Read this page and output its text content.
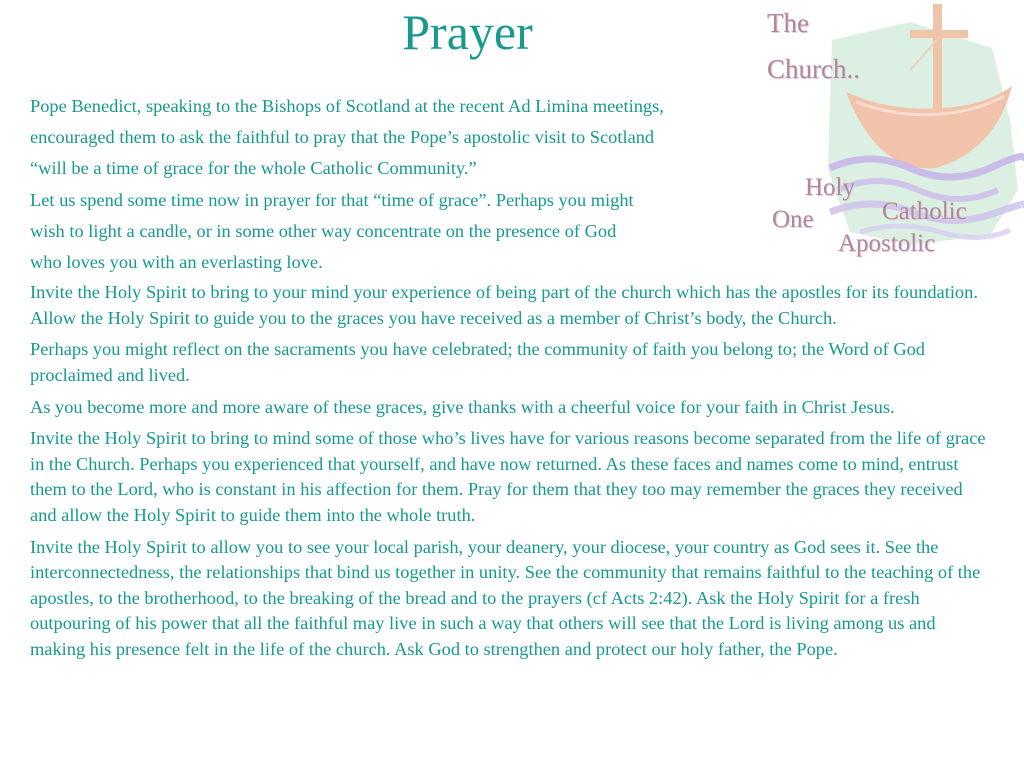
Prayer	The
Church..
Holy
One	Catholic
Apostolic

Pope Benedict, speaking to the Bishops of Scotland at the recent Ad Limina meetings,

encouraged them to ask the faithful to pray that the Pope’s apostolic visit to Scotland

“will be a time of grace for the whole Catholic Community.”

Let us spend some time now in prayer for that “time of grace”. Perhaps you might

wish to light a candle, or in some other way concentrate on the presence of God

who loves you with an everlasting love.

Invite the Holy Spirit to bring to your mind your experience of being part of the church which has the apostles for its foundation. Allow the Holy Spirit to guide you to the graces you have received as a member of Christ’s body, the Church.

Perhaps you might reflect on the sacraments you have celebrated; the community of faith you belong to; the Word of God proclaimed and lived.

As you become more and more aware of these graces, give thanks with a cheerful voice for your faith in Christ Jesus.

Invite the Holy Spirit to bring to mind some of those who’s lives have for various reasons become separated from the life of grace in the Church. Perhaps you experienced that yourself, and have now returned. As these faces and names come to mind, entrust them to the Lord, who is constant in his affection for them. Pray for them that they too may remember the graces they received and allow the Holy Spirit to guide them into the whole truth.

Invite the Holy Spirit to allow you to see your local parish, your deanery, your diocese, your country as God sees it. See the interconnectedness, the relationships that bind us together in unity. See the community that remains faithful to the teaching of the apostles, to the brotherhood, to the breaking of the bread and to the prayers (cf Acts 2:42). Ask the Holy Spirit for a fresh outpouring of his power that all the faithful may live in such a way that others will see that the Lord is living among us and making his presence felt in the life of the church. Ask God to strengthen and protect our holy father, the Pope.
